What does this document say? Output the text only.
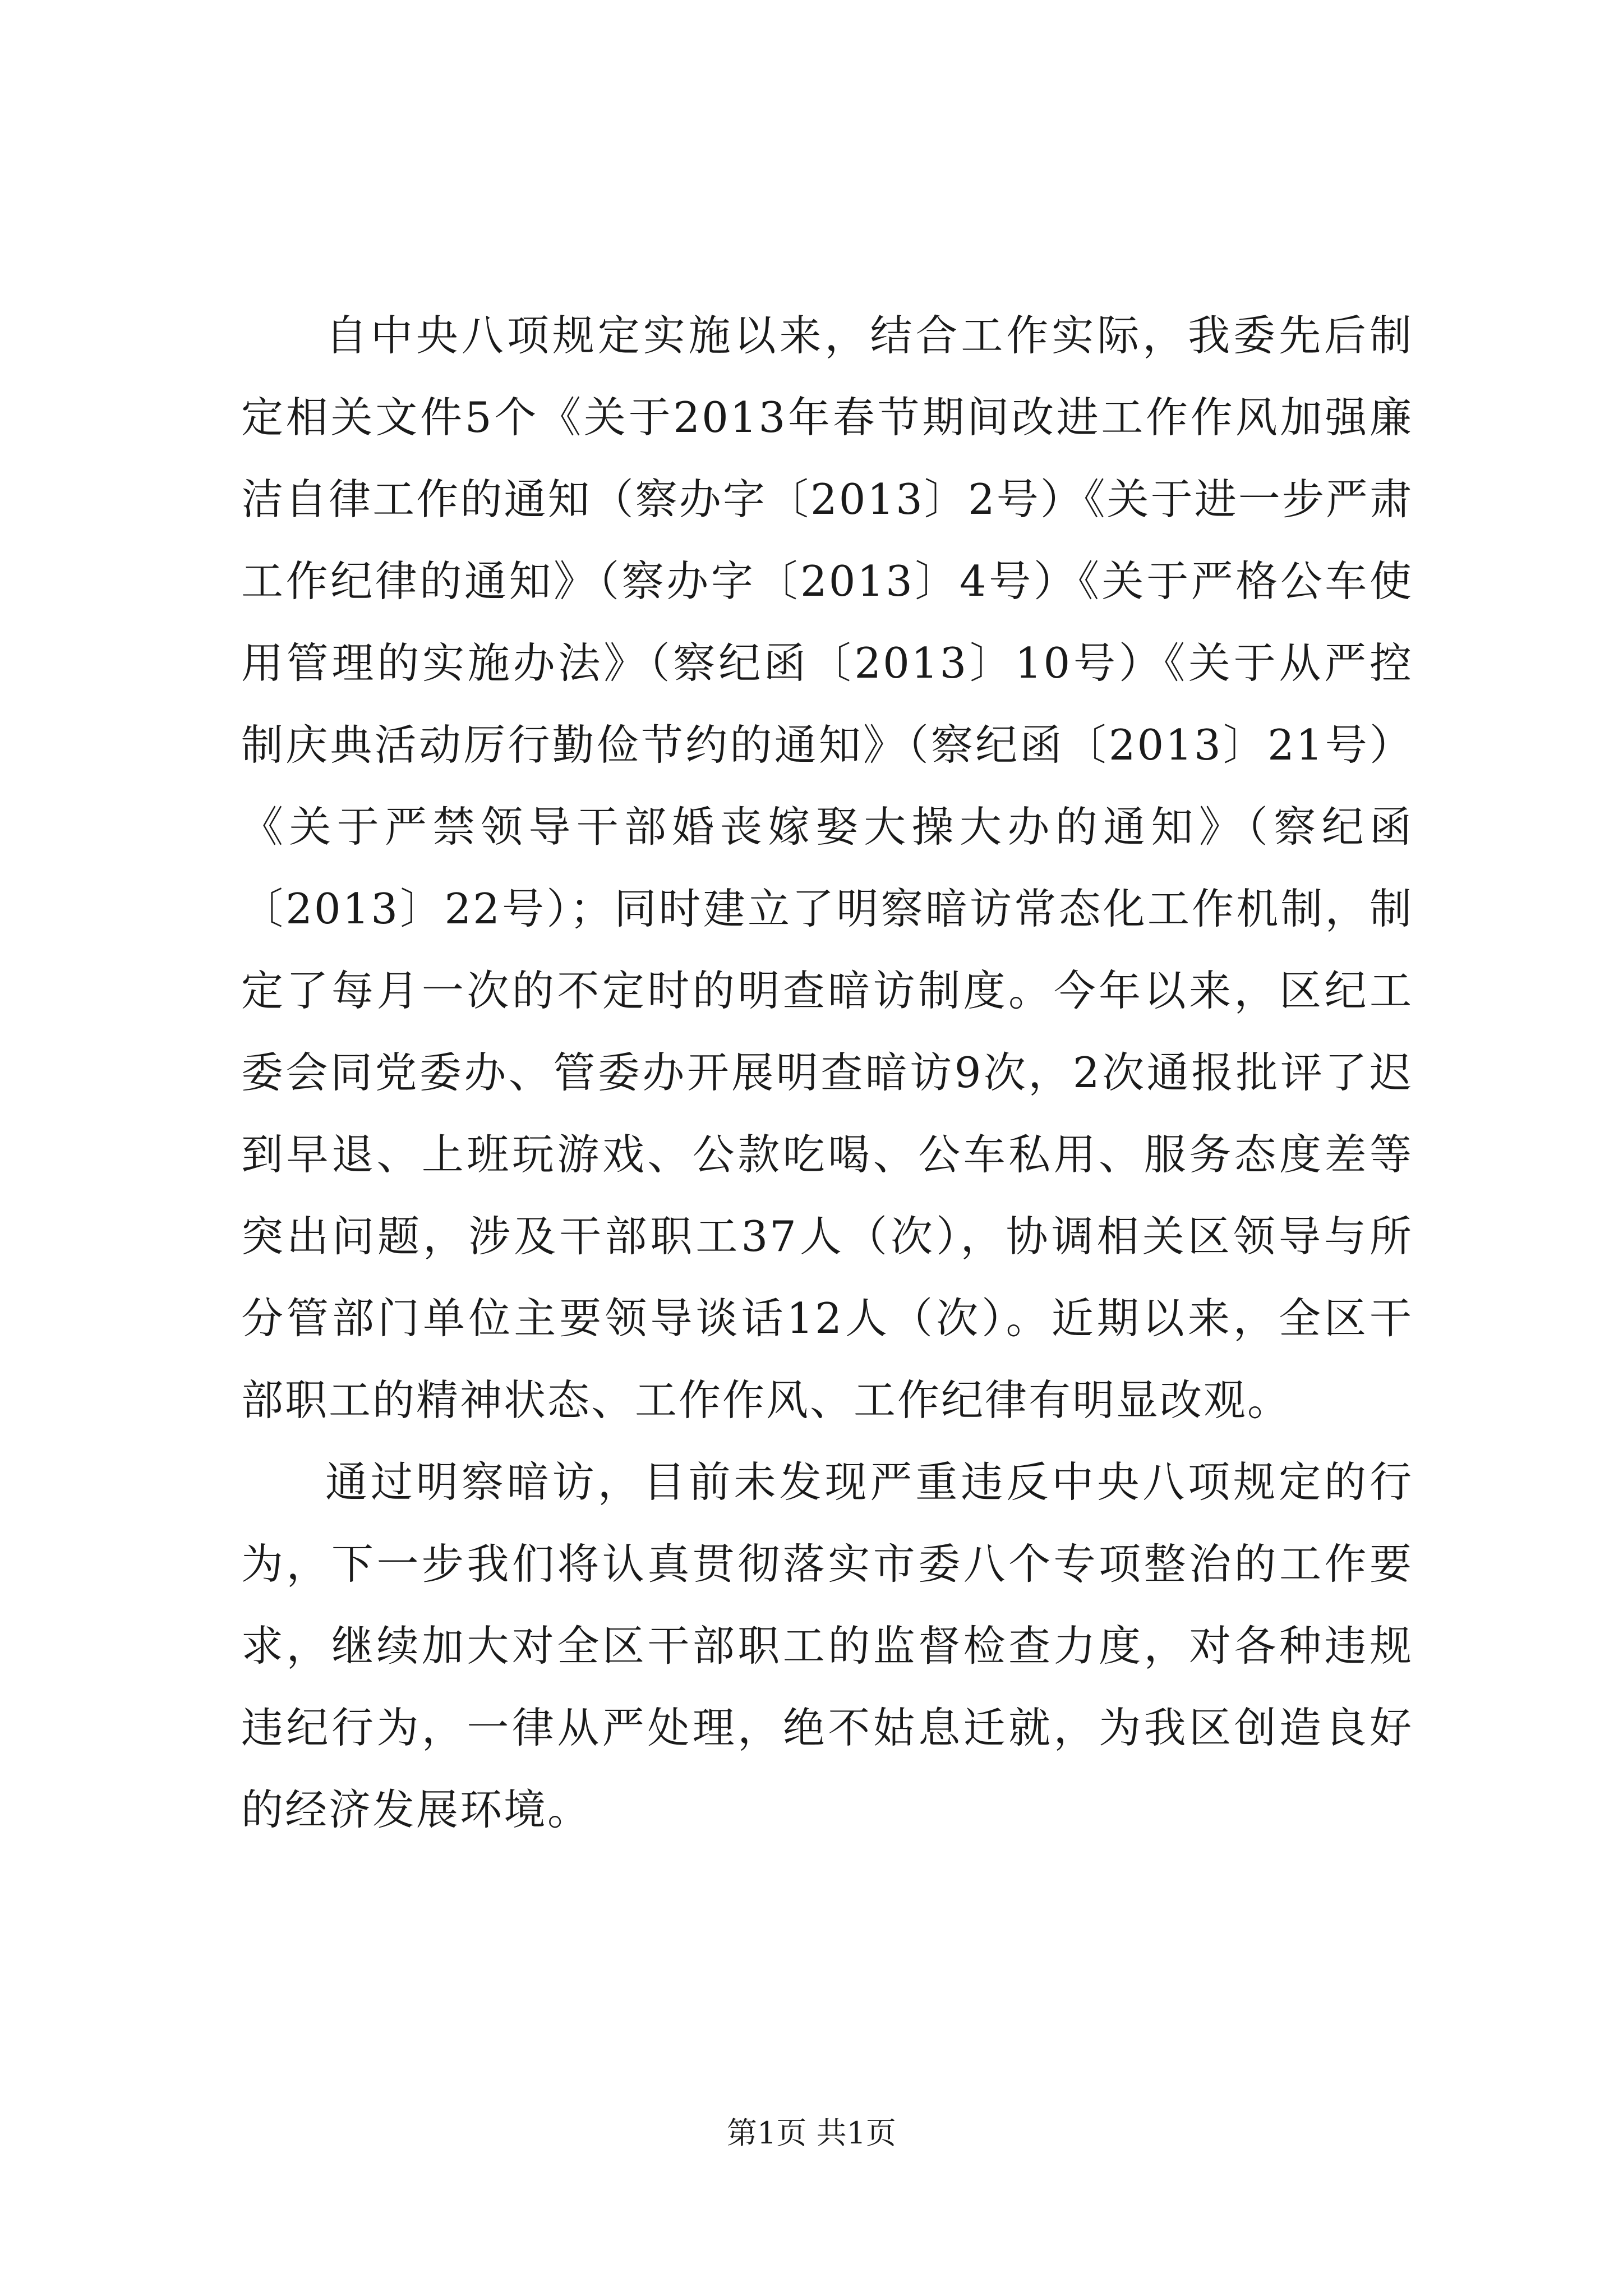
自中央八项规定实施以来，结合工作实际，我委先后制定相关文件5个《关于2013年春节期间改进工作作风加强廉洁自律工作的通知（察办字〔2013〕2号）《关于进一步严肃工作纪律的通知》（察办字〔2013〕4号）《关于严格公车使用管理的实施办法》（察纪函〔2013〕10号）《关于从严控制庆典活动厉行勤俭节约的通知》（察纪函〔2013〕21号）《关于严禁领导干部婚丧嫁娶大操大办的通知》（察纪函〔2013〕22号）；同时建立了明察暗访常态化工作机制，制定了每月一次的不定时的明查暗访制度。今年以来，区纪工委会同党委办、管委办开展明查暗访9次，2次通报批评了迟到早退、上班玩游戏、公款吃喝、公车私用、服务态度差等突出问题，涉及干部职工37人（次），协调相关区领导与所分管部门单位主要领导谈话12人（次）。近期以来，全区干部职工的精神状态、工作作风、工作纪律有明显改观。

通过明察暗访，目前未发现严重违反中央八项规定的行为，下一步我们将认真贯彻落实市委八个专项整治的工作要求，继续加大对全区干部职工的监督检查力度，对各种违规违纪行为，一律从严处理，绝不姑息迁就，为我区创造良好的经济发展环境。

第1页 共1页
